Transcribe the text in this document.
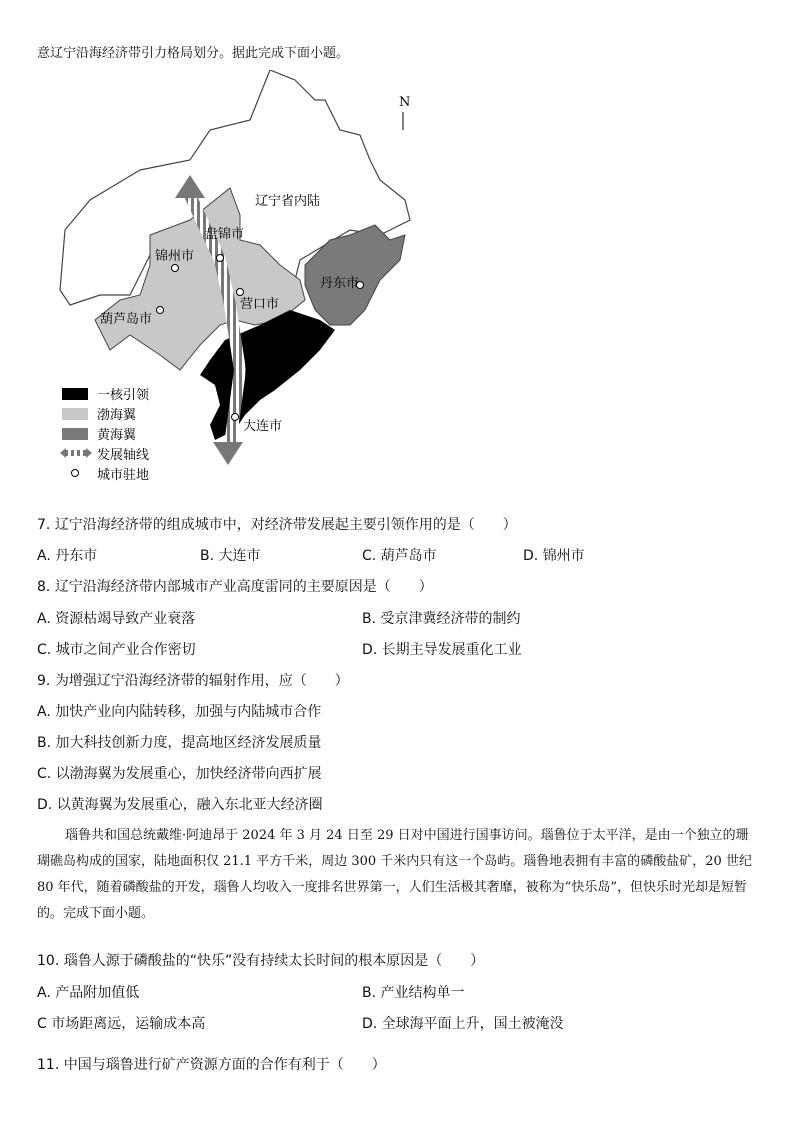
意辽宁沿海经济带引力格局划分。据此完成下面小题。
N
辽宁省内陆
盘锦市
锦州市
丹东市
营口市
葫芦岛市
大连市
一核引领
渤海翼
黄海翼
发展轴线
城市驻地
7. 辽宁沿海经济带的组成城市中，对经济带发展起主要引领作用的是（　　）
A. 丹东市	B. 大连市	C. 葫芦岛市	D. 锦州市
8. 辽宁沿海经济带内部城市产业高度雷同的主要原因是（　　）
A. 资源枯竭导致产业衰落	B. 受京津冀经济带的制约
C. 城市之间产业合作密切	D. 长期主导发展重化工业
9. 为增强辽宁沿海经济带的辐射作用，应（　　）
A. 加快产业向内陆转移，加强与内陆城市合作
B. 加大科技创新力度，提高地区经济发展质量
C. 以渤海翼为发展重心，加快经济带向西扩展
D. 以黄海翼为发展重心，融入东北亚大经济圈
瑙鲁共和国总统戴维·阿迪昂于 2024 年 3 月 24 日至 29 日对中国进行国事访问。瑙鲁位于太平洋，是由一个独立的珊瑚礁岛构成的国家，陆地面积仅 21.1 平方千米，周边 300 千米内只有这一个岛屿。瑙鲁地表拥有丰富的磷酸盐矿，20 世纪 80 年代，随着磷酸盐的开发，瑙鲁人均收入一度排名世界第一，人们生活极其奢靡，被称为“快乐岛”，但快乐时光却是短暂的。完成下面小题。
10. 瑙鲁人源于磷酸盐的“快乐”没有持续太长时间的根本原因是（　　）
A. 产品附加值低	B. 产业结构单一
C 市场距离远，运输成本高	D. 全球海平面上升，国土被淹没
11. 中国与瑙鲁进行矿产资源方面的合作有利于（　　）
